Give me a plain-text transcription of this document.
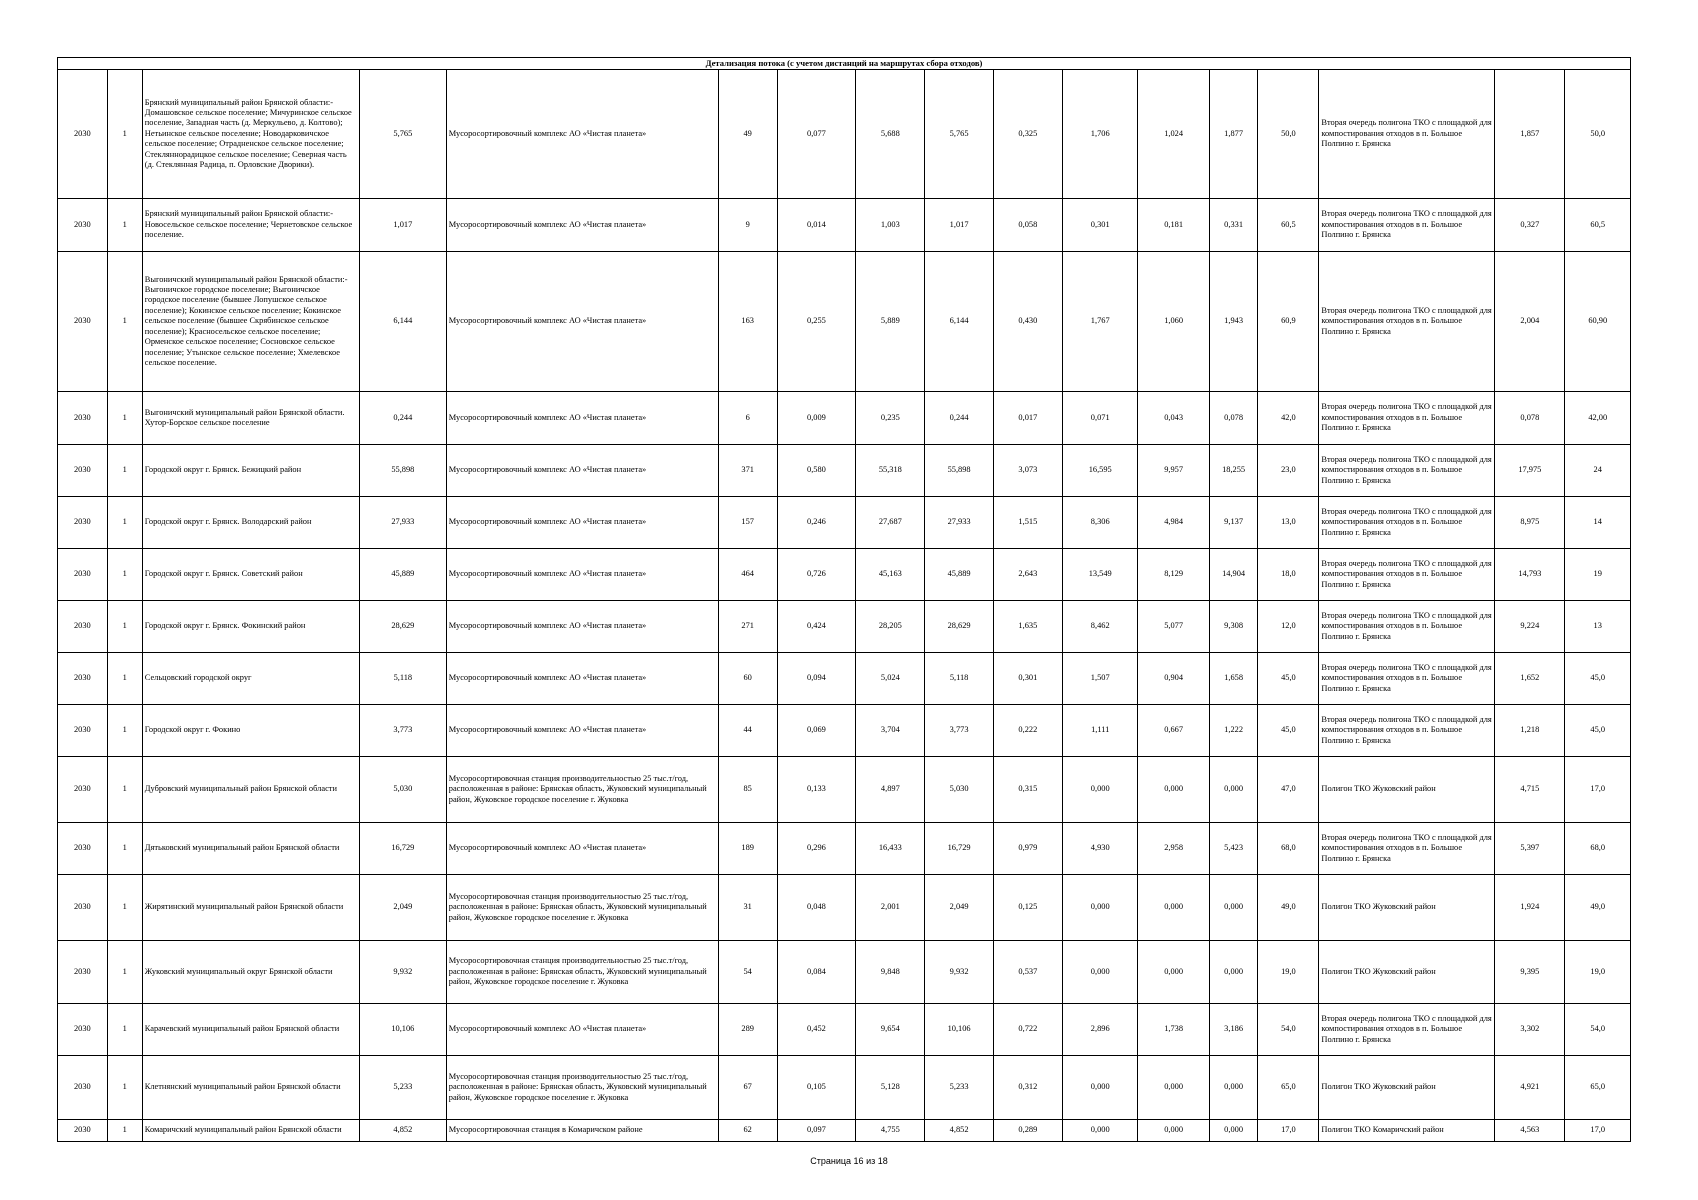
Детализация потока (с учетом дистанций на маршрутах сбора отходов)																
2030	1	Брянский муниципальный район Брянской области:- Домашовское сельское поселение; Мичуринское сельское поселение, Западная часть (д. Меркульево, д. Колтово); Нетьинское сельское поселение; Новодарковичское сельское поселение; Отрадненское сельское поселение; Стекляннорадицкое сельское поселение; Северная часть (д. Стеклянная Радица, п. Орловские Дворики).	5,765	Мусоросортировочный комплекс АО «Чистая планета»	49	0,077	5,688	5,765	0,325	1,706	1,024	1,877	50,0	Вторая очередь полигона ТКО с площадкой для компостирования отходов в п. Большое Полпино г. Брянска	1,857	50,0
2030	1	Брянский муниципальный район Брянской области:- Новосельское сельское поселение; Чернетовское сельское поселение.	1,017	Мусоросортировочный комплекс АО «Чистая планета»	9	0,014	1,003	1,017	0,058	0,301	0,181	0,331	60,5	Вторая очередь полигона ТКО с площадкой для компостирования отходов в п. Большое Полпино г. Брянска	0,327	60,5
2030	1	Выгоничский муниципальный район Брянской области:- Выгоничское городское поселение; Выгоничское городское поселение (бывшее Лопушское сельское поселение); Кокинское сельское поселение; Кокинское сельское поселение (бывшее Скрябинское сельское поселение); Красносельское сельское поселение; Орменское сельское поселение; Сосновское сельское поселение; Утынское сельское поселение; Хмелевское сельское поселение.	6,144	Мусоросортировочный комплекс АО «Чистая планета»	163	0,255	5,889	6,144	0,430	1,767	1,060	1,943	60,9	Вторая очередь полигона ТКО с площадкой для компостирования отходов в п. Большое Полпино г. Брянска	2,004	60,90
2030	1	Выгоничский муниципальный район Брянской области. Хутор-Борское сельское поселение	0,244	Мусоросортировочный комплекс АО «Чистая планета»	6	0,009	0,235	0,244	0,017	0,071	0,043	0,078	42,0	Вторая очередь полигона ТКО с площадкой для компостирования отходов в п. Большое Полпино г. Брянска	0,078	42,00
2030	1	Городской округ г. Брянск. Бежицкий район	55,898	Мусоросортировочный комплекс АО «Чистая планета»	371	0,580	55,318	55,898	3,073	16,595	9,957	18,255	23,0	Вторая очередь полигона ТКО с площадкой для компостирования отходов в п. Большое Полпино г. Брянска	17,975	24
2030	1	Городской округ г. Брянск. Володарский район	27,933	Мусоросортировочный комплекс АО «Чистая планета»	157	0,246	27,687	27,933	1,515	8,306	4,984	9,137	13,0	Вторая очередь полигона ТКО с площадкой для компостирования отходов в п. Большое Полпино г. Брянска	8,975	14
2030	1	Городской округ г. Брянск. Советский район	45,889	Мусоросортировочный комплекс АО «Чистая планета»	464	0,726	45,163	45,889	2,643	13,549	8,129	14,904	18,0	Вторая очередь полигона ТКО с площадкой для компостирования отходов в п. Большое Полпино г. Брянска	14,793	19
2030	1	Городской округ г. Брянск. Фокинский район	28,629	Мусоросортировочный комплекс АО «Чистая планета»	271	0,424	28,205	28,629	1,635	8,462	5,077	9,308	12,0	Вторая очередь полигона ТКО с площадкой для компостирования отходов в п. Большое Полпино г. Брянска	9,224	13
2030	1	Сельцовский городской округ	5,118	Мусоросортировочный комплекс АО «Чистая планета»	60	0,094	5,024	5,118	0,301	1,507	0,904	1,658	45,0	Вторая очередь полигона ТКО с площадкой для компостирования отходов в п. Большое Полпино г. Брянска	1,652	45,0
2030	1	Городской округ г. Фокино	3,773	Мусоросортировочный комплекс АО «Чистая планета»	44	0,069	3,704	3,773	0,222	1,111	0,667	1,222	45,0	Вторая очередь полигона ТКО с площадкой для компостирования отходов в п. Большое Полпино г. Брянска	1,218	45,0
2030	1	Дубровский муниципальный район Брянской области	5,030	Мусоросортировочная станция производительностью 25 тыс.т/год, расположенная в районе: Брянская область, Жуковский муниципальный район, Жуковское городское поселение г. Жуковка	85	0,133	4,897	5,030	0,315	0,000	0,000	0,000	47,0	Полигон ТКО Жуковский район	4,715	17,0
2030	1	Дятьковский муниципальный район Брянской области	16,729	Мусоросортировочный комплекс АО «Чистая планета»	189	0,296	16,433	16,729	0,979	4,930	2,958	5,423	68,0	Вторая очередь полигона ТКО с площадкой для компостирования отходов в п. Большое Полпино г. Брянска	5,397	68,0
2030	1	Жирятинский муниципальный район Брянской области	2,049	Мусоросортировочная станция производительностью 25 тыс.т/год, расположенная в районе: Брянская область, Жуковский муниципальный район, Жуковское городское поселение г. Жуковка	31	0,048	2,001	2,049	0,125	0,000	0,000	0,000	49,0	Полигон ТКО Жуковский район	1,924	49,0
2030	1	Жуковский муниципальный округ Брянской области	9,932	Мусоросортировочная станция производительностью 25 тыс.т/год, расположенная в районе: Брянская область, Жуковский муниципальный район, Жуковское городское поселение г. Жуковка	54	0,084	9,848	9,932	0,537	0,000	0,000	0,000	19,0	Полигон ТКО Жуковский район	9,395	19,0
2030	1	Карачевский муниципальный район Брянской области	10,106	Мусоросортировочный комплекс АО «Чистая планета»	289	0,452	9,654	10,106	0,722	2,896	1,738	3,186	54,0	Вторая очередь полигона ТКО с площадкой для компостирования отходов в п. Большое Полпино г. Брянска	3,302	54,0
2030	1	Клетнянский муниципальный район Брянской области	5,233	Мусоросортировочная станция производительностью 25 тыс.т/год, расположенная в районе: Брянская область, Жуковский муниципальный район, Жуковское городское поселение г. Жуковка	67	0,105	5,128	5,233	0,312	0,000	0,000	0,000	65,0	Полигон ТКО Жуковский район	4,921	65,0
2030	1	Комаричский муниципальный район Брянской области	4,852	Мусоросортировочная станция в Комаричском районе	62	0,097	4,755	4,852	0,289	0,000	0,000	0,000	17,0	Полигон ТКО Комаричский район	4,563	17,0
Страница 16 из 18
